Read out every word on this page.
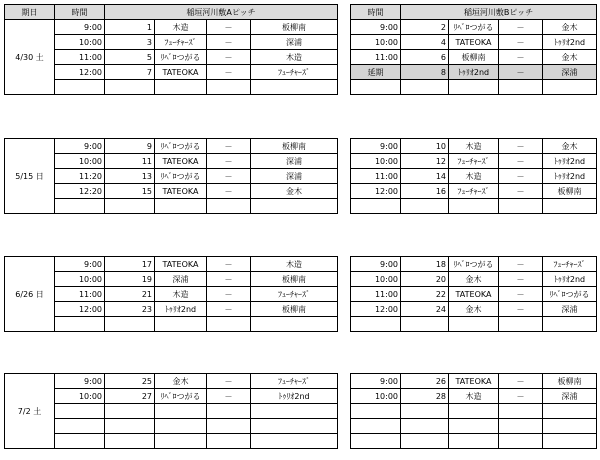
期日	時間	稲垣河川敷Aピッチ			
4/30 土	9:00	1	木造	－	板柳南
	10:00	3	ﾌｭｰﾁｬｰｽﾞ	－	深浦
	11:00	5	ﾘﾍﾞﾛつがる	－	木造
	12:00	7	TATEOKA	－	ﾌｭｰﾁｬｰｽﾞ

5/15 日	9:00	9	ﾘﾍﾞﾛつがる	－	板柳南
	10:00	11	TATEOKA	－	深浦
	11:20	13	ﾘﾍﾞﾛつがる	－	深浦
	12:20	15	TATEOKA	－	金木

6/26 日	9:00	17	TATEOKA	－	木造
	10:00	19	深浦	－	板柳南
	11:00	21	木造	－	ﾌｭｰﾁｬｰｽﾞ
	12:00	23	ﾄｩﾘｵ2nd	－	板柳南

7/2 土	9:00	25	金木	－	ﾌｭｰﾁｬｰｽﾞ
	10:00	27	ﾘﾍﾞﾛつがる	－	ﾄｩﾘｵ2nd

時間	稲垣河川敷Bピッチ			
9:00	2	ﾘﾍﾞﾛつがる	－	金木
10:00	4	TATEOKA	－	ﾄｩﾘｵ2nd
11:00	6	板柳南	－	金木
延期	8	ﾄｩﾘｵ2nd	－	深浦

9:00	10	木造	－	金木
10:00	12	ﾌｭｰﾁｬｰｽﾞ	－	ﾄｩﾘｵ2nd
11:00	14	木造	－	ﾄｩﾘｵ2nd
12:00	16	ﾌｭｰﾁｬｰｽﾞ	－	板柳南

9:00	18	ﾘﾍﾞﾛつがる	－	ﾌｭｰﾁｬｰｽﾞ
10:00	20	金木	－	ﾄｩﾘｵ2nd
11:00	22	TATEOKA	－	ﾘﾍﾞﾛつがる
12:00	24	金木	－	深浦

9:00	26	TATEOKA	－	板柳南
10:00	28	木造	－	深浦
